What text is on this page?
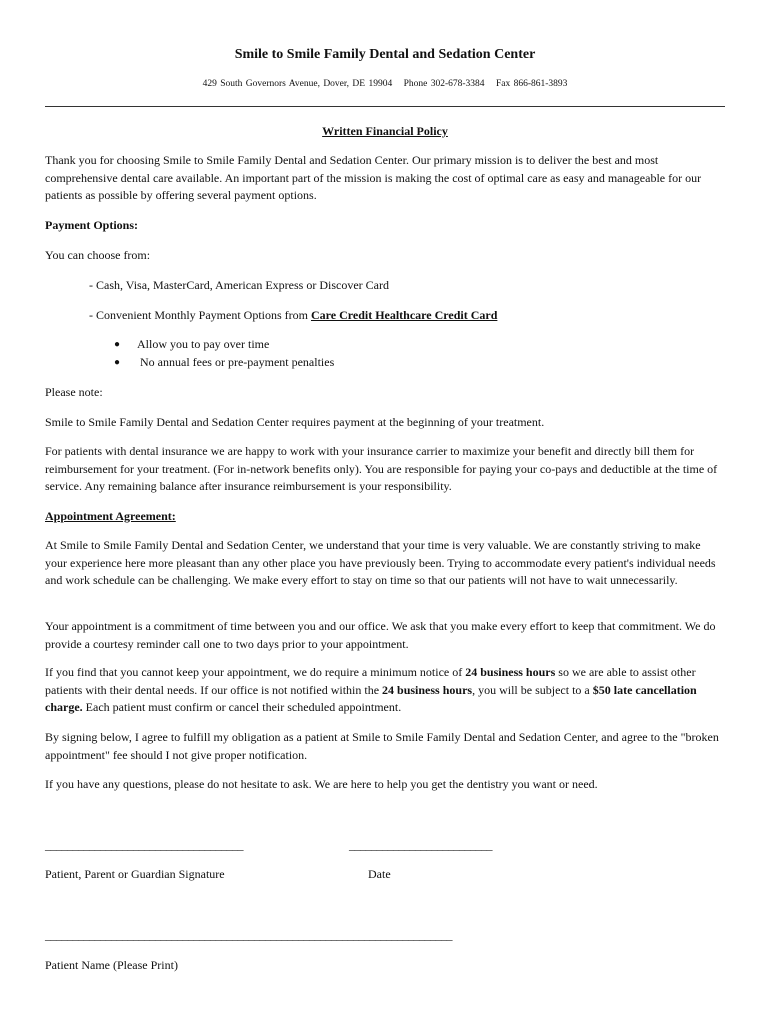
Smile to Smile Family Dental and Sedation Center
429 South Governors Avenue, Dover, DE 19904 Phone 302-678-3384 Fax 866-861-3893
Written Financial Policy
Thank you for choosing Smile to Smile Family Dental and Sedation Center. Our primary mission is to deliver the best and most comprehensive dental care available. An important part of the mission is making the cost of optimal care as easy and manageable for our patients as possible by offering several payment options.
Payment Options:
You can choose from:
- Cash, Visa, MasterCard, American Express or Discover Card
- Convenient Monthly Payment Options from Care Credit Healthcare Credit Card
● Allow you to pay over time
● No annual fees or pre-payment penalties
Please note:
Smile to Smile Family Dental and Sedation Center requires payment at the beginning of your treatment.
For patients with dental insurance we are happy to work with your insurance carrier to maximize your benefit and directly bill them for reimbursement for your treatment. (For in-network benefits only). You are responsible for paying your co-pays and deductible at the time of service. Any remaining balance after insurance reimbursement is your responsibility.
Appointment Agreement:
At Smile to Smile Family Dental and Sedation Center, we understand that your time is very valuable. We are constantly striving to make your experience here more pleasant than any other place you have previously been. Trying to accommodate every patient's individual needs and work schedule can be challenging. We make every effort to stay on time so that our patients will not have to wait unnecessarily.
Your appointment is a commitment of time between you and our office. We ask that you make every effort to keep that commitment. We do provide a courtesy reminder call one to two days prior to your appointment.
If you find that you cannot keep your appointment, we do require a minimum notice of 24 business hours so we are able to assist other patients with their dental needs. If our office is not notified within the 24 business hours, you will be subject to a $50 late cancellation charge. Each patient must confirm or cancel their scheduled appointment.
By signing below, I agree to fulfill my obligation as a patient at Smile to Smile Family Dental and Sedation Center, and agree to the "broken appointment" fee should I not give proper notification.
If you have any questions, please do not hesitate to ask. We are here to help you get the dentistry you want or need.
____________________________________	__________________________
Patient, Parent or Guardian Signature	Date
__________________________________________________________________________
Patient Name (Please Print)
